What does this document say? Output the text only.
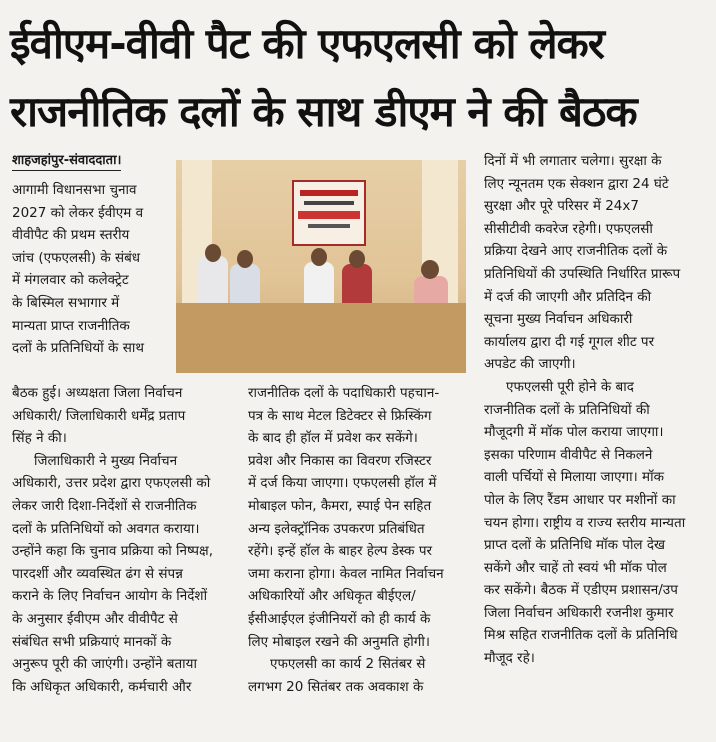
ईवीएम-वीवी पैट की एफएलसी को लेकर
राजनीतिक दलों के साथ डीएम ने की बैठक
शाहजहांपुर-संवाददाता।
आगामी विधानसभा चुनाव
2027 को लेकर ईवीएम व
वीवीपैट की प्रथम स्तरीय
जांच (एफएलसी) के संबंध
में मंगलवार को कलेक्ट्रेट
के बिस्मिल सभागार में
मान्यता प्राप्त राजनीतिक
दलों के प्रतिनिधियों के साथ
बैठक हुई। अध्यक्षता जिला निर्वाचन
अधिकारी/ जिलाधिकारी धर्मेंद्र प्रताप
सिंह ने की।
जिलाधिकारी ने मुख्य निर्वाचन
अधिकारी, उत्तर प्रदेश द्वारा एफएलसी को
लेकर जारी दिशा-निर्देशों से राजनीतिक
दलों के प्रतिनिधियों को अवगत कराया।
उन्होंने कहा कि चुनाव प्रक्रिया को निष्पक्ष,
पारदर्शी और व्यवस्थित ढंग से संपन्न
कराने के लिए निर्वाचन आयोग के निर्देशों
के अनुसार ईवीएम और वीवीपैट से
संबंधित सभी प्रक्रियाएं मानकों के
अनुरूप पूरी की जाएंगी। उन्होंने बताया
कि अधिकृत अधिकारी, कर्मचारी और
राजनीतिक दलों के पदाधिकारी पहचान-
पत्र के साथ मेटल डिटेक्टर से फ्रिस्किंग
के बाद ही हॉल में प्रवेश कर सकेंगे।
प्रवेश और निकास का विवरण रजिस्टर
में दर्ज किया जाएगा। एफएलसी हॉल में
मोबाइल फोन, कैमरा, स्पाई पेन सहित
अन्य इलेक्ट्रॉनिक उपकरण प्रतिबंधित
रहेंगे। इन्हें हॉल के बाहर हेल्प डेस्क पर
जमा कराना होगा। केवल नामित निर्वाचन
अधिकारियों और अधिकृत बीईएल/
ईसीआईएल इंजीनियरों को ही कार्य के
लिए मोबाइल रखने की अनुमति होगी।
एफएलसी का कार्य 2 सितंबर से
लगभग 20 सितंबर तक अवकाश के
दिनों में भी लगातार चलेगा। सुरक्षा के
लिए न्यूनतम एक सेक्शन द्वारा 24 घंटे
सुरक्षा और पूरे परिसर में 24x7
सीसीटीवी कवरेज रहेगी। एफएलसी
प्रक्रिया देखने आए राजनीतिक दलों के
प्रतिनिधियों की उपस्थिति निर्धारित प्रारूप
में दर्ज की जाएगी और प्रतिदिन की
सूचना मुख्य निर्वाचन अधिकारी
कार्यालय द्वारा दी गई गूगल शीट पर
अपडेट की जाएगी।
एफएलसी पूरी होने के बाद
राजनीतिक दलों के प्रतिनिधियों की
मौजूदगी में मॉक पोल कराया जाएगा।
इसका परिणाम वीवीपैट से निकलने
वाली पर्चियों से मिलाया जाएगा। मॉक
पोल के लिए रैंडम आधार पर मशीनों का
चयन होगा। राष्ट्रीय व राज्य स्तरीय मान्यता
प्राप्त दलों के प्रतिनिधि मॉक पोल देख
सकेंगे और चाहें तो स्वयं भी मॉक पोल
कर सकेंगे। बैठक में एडीएम प्रशासन/उप
जिला निर्वाचन अधिकारी रजनीश कुमार
मिश्र सहित राजनीतिक दलों के प्रतिनिधि
मौजूद रहे।
